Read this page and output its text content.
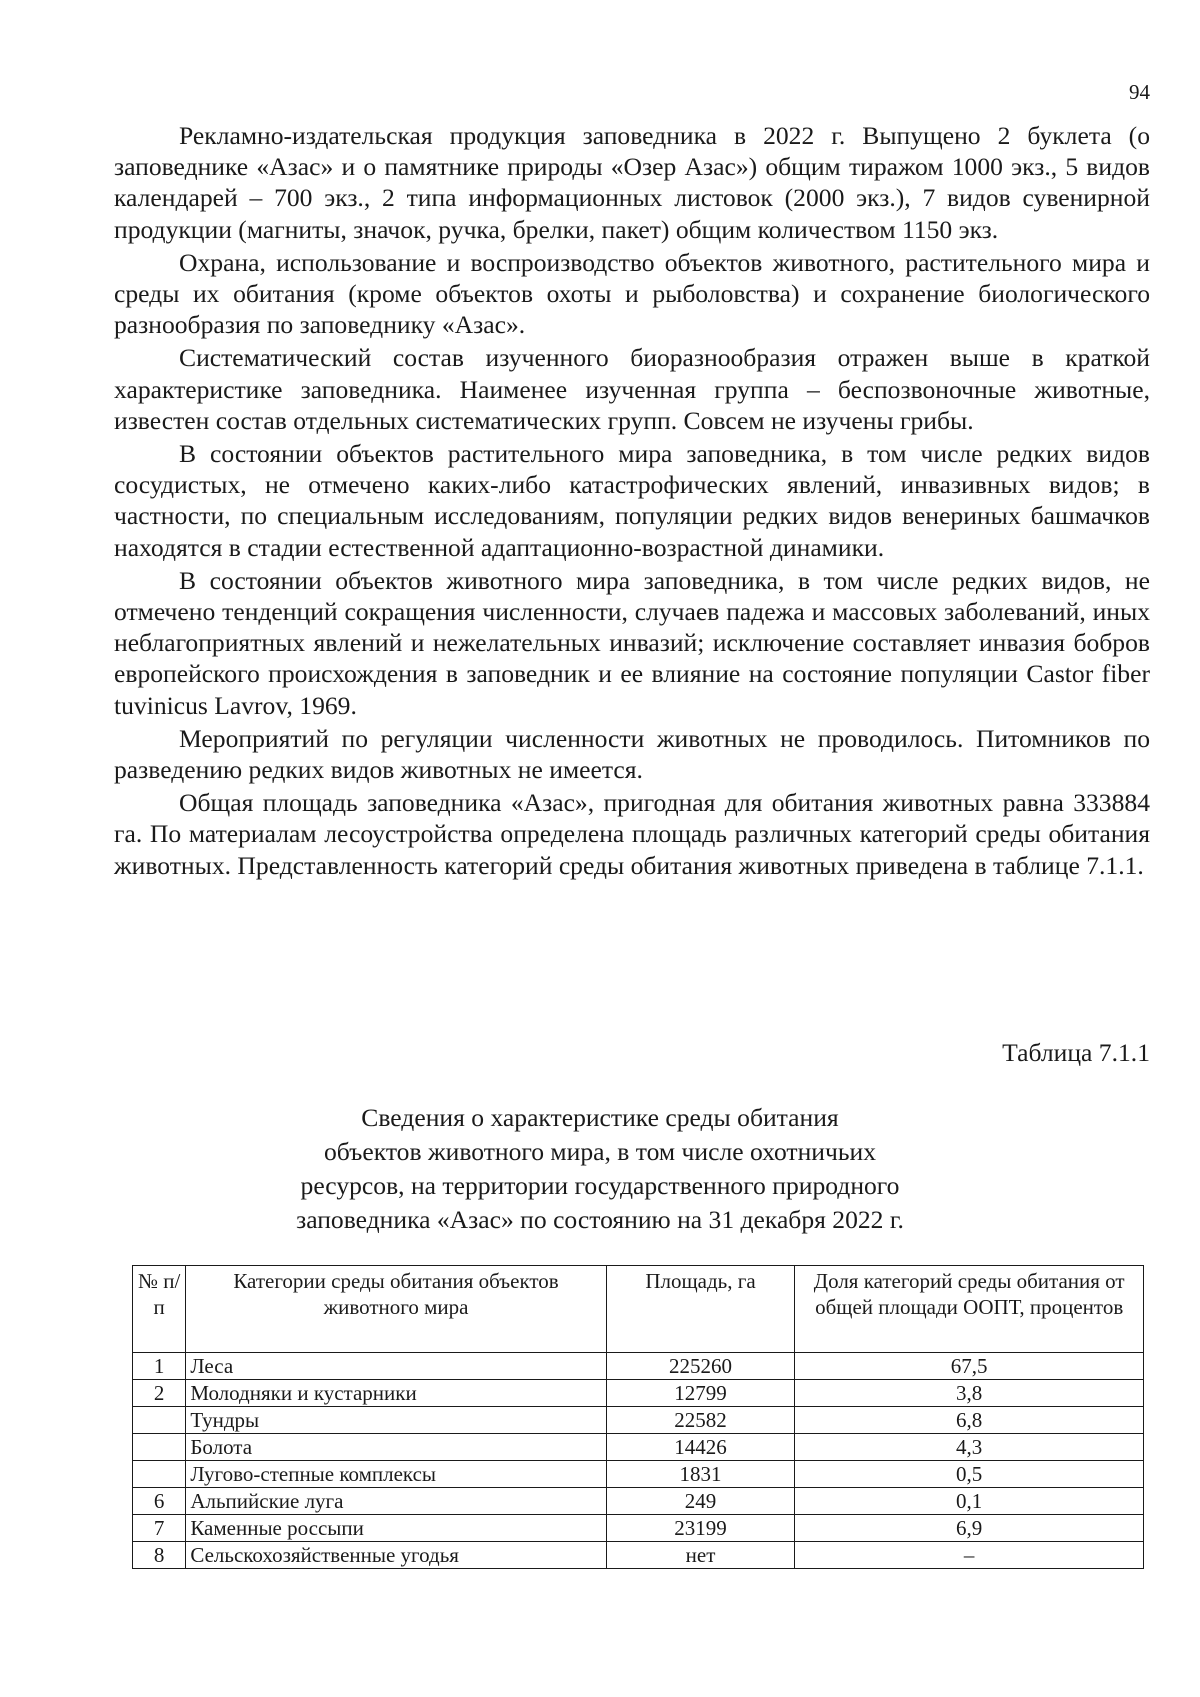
94

Рекламно-издательская продукция заповедника в 2022 г. Выпущено 2 буклета (о заповеднике «Азас» и о памятнике природы «Озер Азас») общим тиражом 1000 экз., 5 видов календарей – 700 экз., 2 типа информационных листовок (2000 экз.), 7 видов сувенирной продукции (магниты, значок, ручка, брелки, пакет) общим количеством 1150 экз.

Охрана, использование и воспроизводство объектов животного, растительного мира и среды их обитания (кроме объектов охоты и рыболовства) и сохранение биологического разнообразия по заповеднику «Азас».

Систематический состав изученного биоразнообразия отражен выше в краткой характеристике заповедника. Наименее изученная группа – беспозвоночные животные, известен состав отдельных систематических групп. Совсем не изучены грибы.

В состоянии объектов растительного мира заповедника, в том числе редких видов сосудистых, не отмечено каких-либо катастрофических явлений, инвазивных видов; в частности, по специальным исследованиям, популяции редких видов венериных башмачков находятся в стадии естественной адаптационно-возрастной динамики.

В состоянии объектов животного мира заповедника, в том числе редких видов, не отмечено тенденций сокращения численности, случаев падежа и массовых заболеваний, иных неблагоприятных явлений и нежелательных инвазий; исключение составляет инвазия бобров европейского происхождения в заповедник и ее влияние на состояние популяции Castor fiber tuvinicus Lavrov, 1969.

Мероприятий по регуляции численности животных не проводилось. Питомников по разведению редких видов животных не имеется.

Общая площадь заповедника «Азас», пригодная для обитания животных равна 333884 га. По материалам лесоустройства определена площадь различных категорий среды обитания животных. Представленность категорий среды обитания животных приведена в таблице 7.1.1.

Таблица 7.1.1
Сведения о характеристике среды обитания
объектов животного мира, в том числе охотничьих
ресурсов, на территории государственного природного
заповедника «Азас» по состоянию на 31 декабря 2022 г.
№ п/п	Категории среды обитания объектов животного мира	Площадь, га	Доля категорий среды обитания от общей площади ООПТ, процентов
1	Леса	225260	67,5
2	Молодняки и кустарники	12799	3,8
	Тундры	22582	6,8
	Болота	14426	4,3
	Лугово-степные комплексы	1831	0,5
6	Альпийские луга	249	0,1
7	Каменные россыпи	23199	6,9
8	Сельскохозяйственные угодья	нет	–
